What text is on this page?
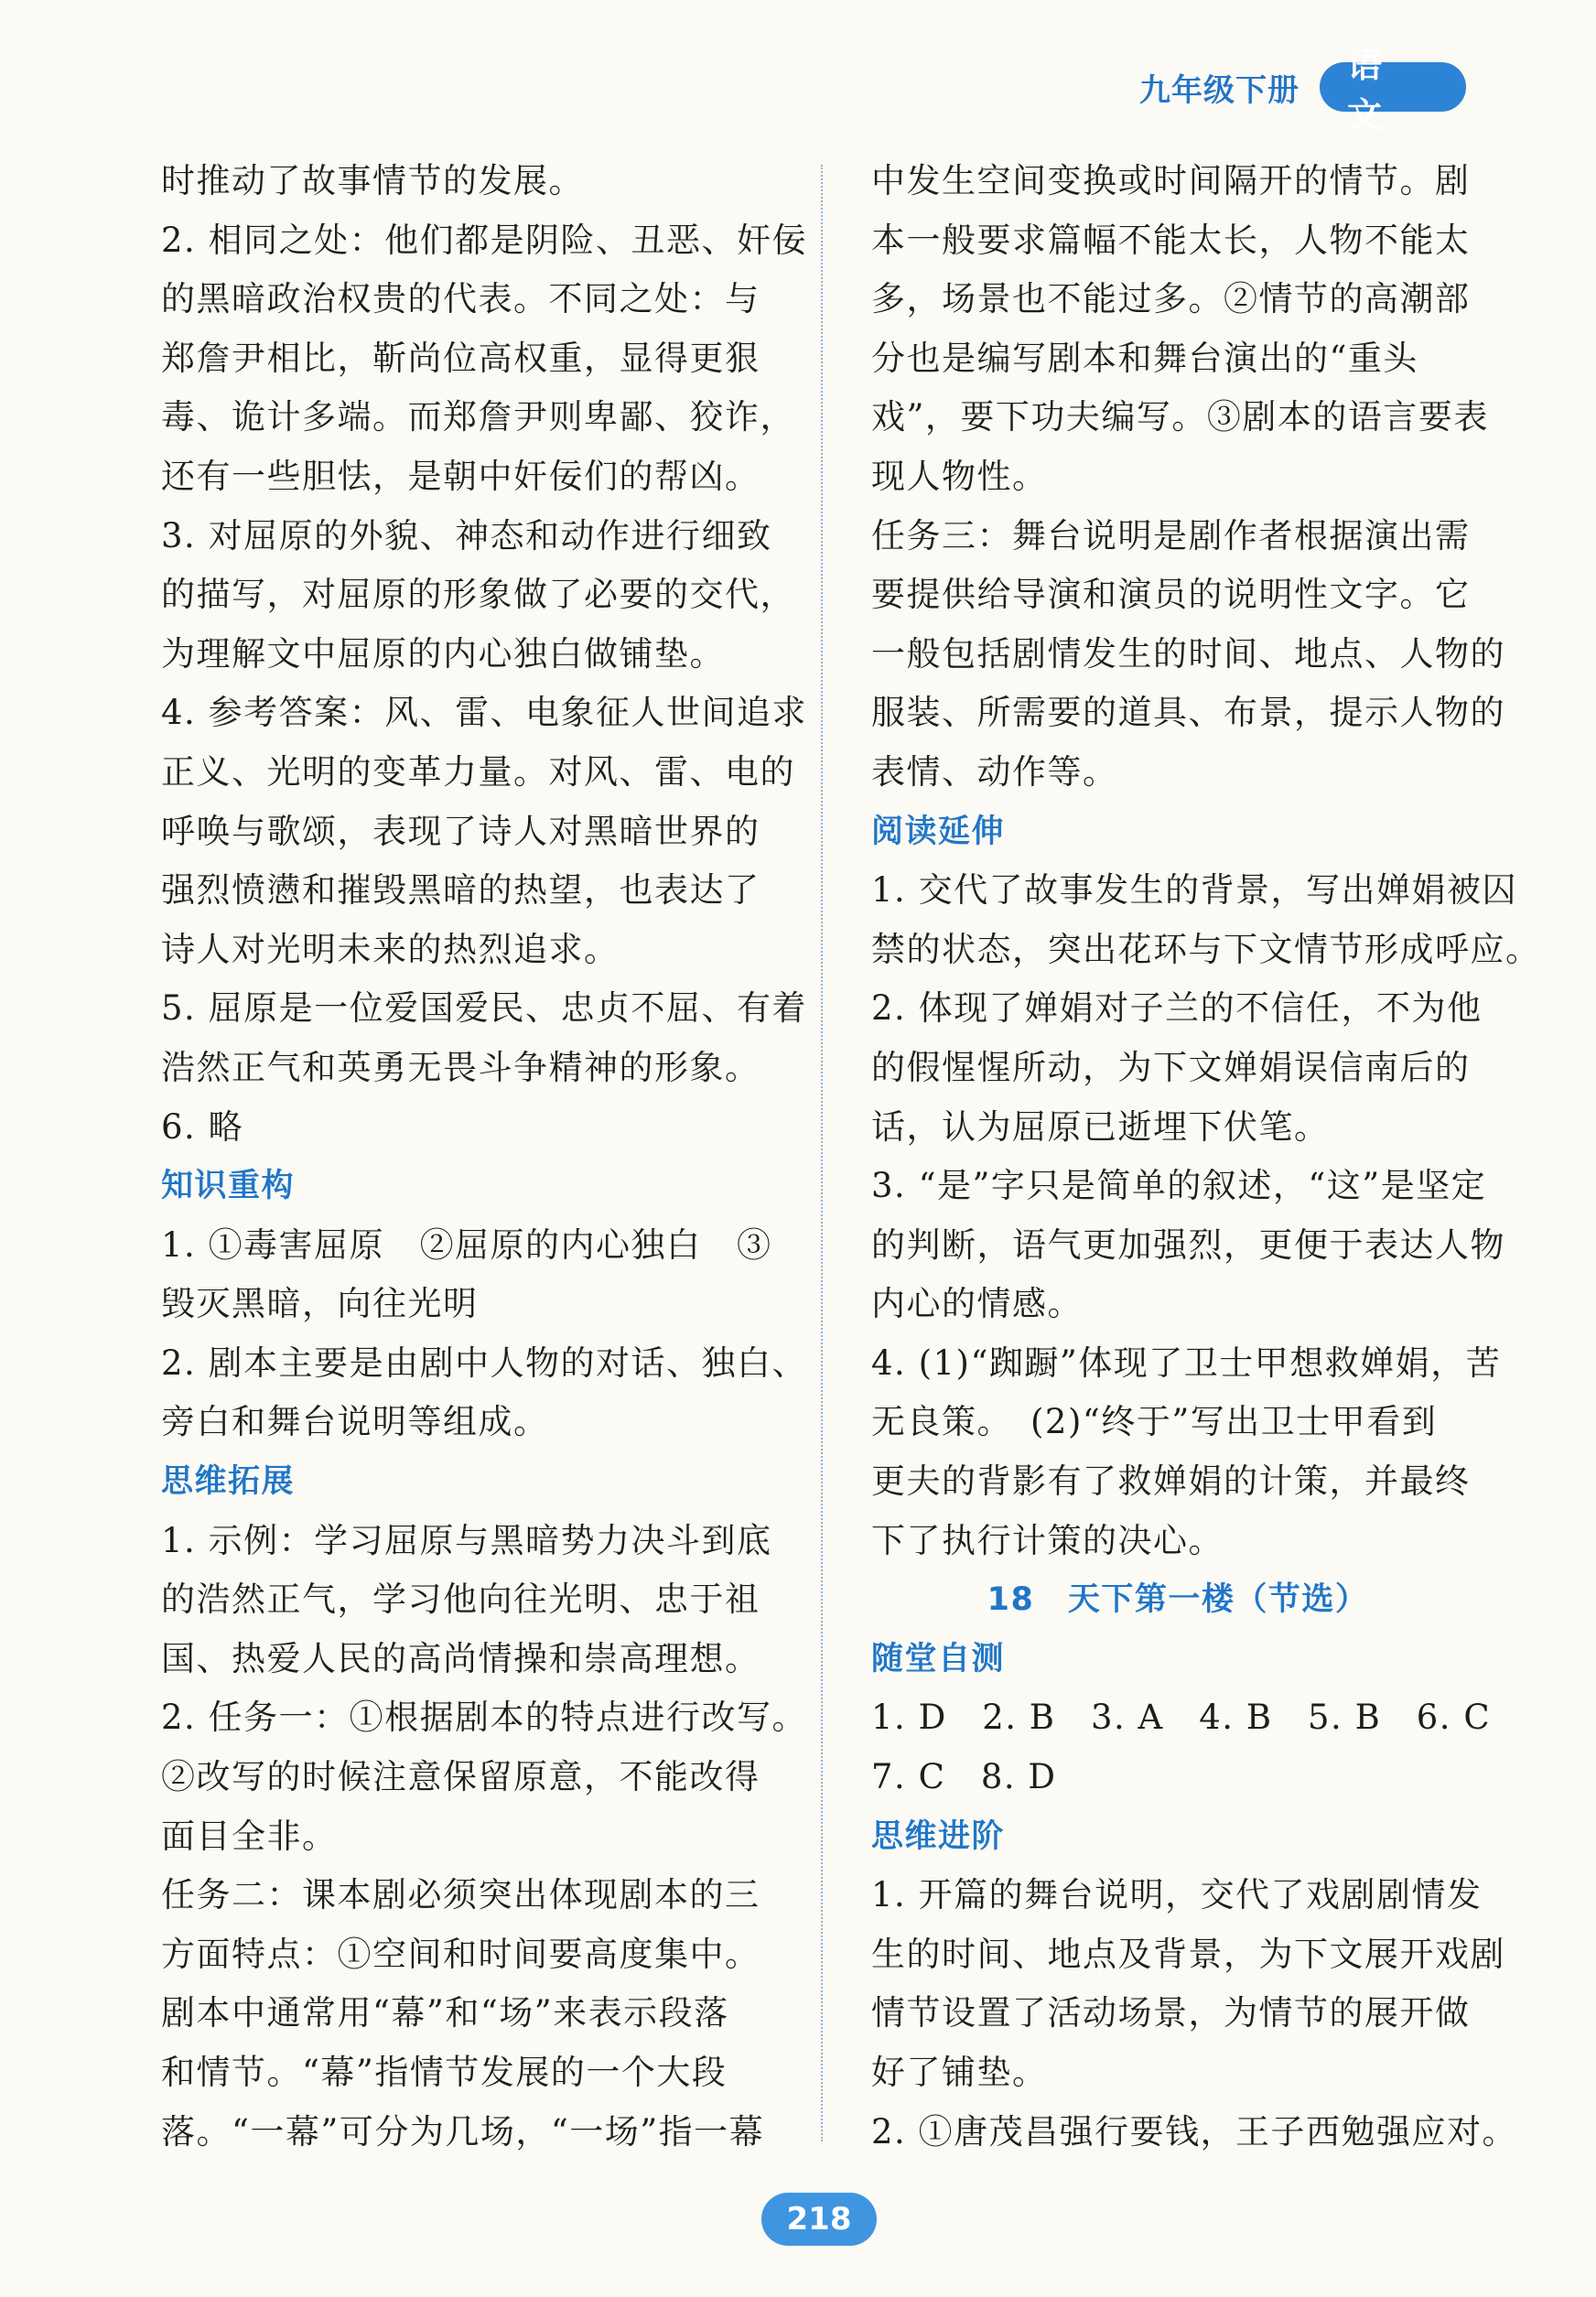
九年级下册
语文
时推动了故事情节的发展。
2. 相同之处：他们都是阴险、丑恶、奸佞
的黑暗政治权贵的代表。不同之处：与
郑詹尹相比，靳尚位高权重，显得更狠
毒、诡计多端。而郑詹尹则卑鄙、狡诈，
还有一些胆怯，是朝中奸佞们的帮凶。
3. 对屈原的外貌、神态和动作进行细致
的描写，对屈原的形象做了必要的交代，
为理解文中屈原的内心独白做铺垫。
4. 参考答案：风、雷、电象征人世间追求
正义、光明的变革力量。对风、雷、电的
呼唤与歌颂，表现了诗人对黑暗世界的
强烈愤懑和摧毁黑暗的热望，也表达了
诗人对光明未来的热烈追求。
5. 屈原是一位爱国爱民、忠贞不屈、有着
浩然正气和英勇无畏斗争精神的形象。
6. 略
知识重构
1. ①毒害屈原　②屈原的内心独白　③
毁灭黑暗，向往光明
2. 剧本主要是由剧中人物的对话、独白、
旁白和舞台说明等组成。
思维拓展
1. 示例：学习屈原与黑暗势力决斗到底
的浩然正气，学习他向往光明、忠于祖
国、热爱人民的高尚情操和崇高理想。
2. 任务一：①根据剧本的特点进行改写。
②改写的时候注意保留原意，不能改得
面目全非。
任务二：课本剧必须突出体现剧本的三
方面特点：①空间和时间要高度集中。
剧本中通常用“幕”和“场”来表示段落
和情节。“幕”指情节发展的一个大段
落。“一幕”可分为几场，“一场”指一幕
中发生空间变换或时间隔开的情节。剧
本一般要求篇幅不能太长，人物不能太
多，场景也不能过多。②情节的高潮部
分也是编写剧本和舞台演出的“重头
戏”，要下功夫编写。③剧本的语言要表
现人物性。
任务三：舞台说明是剧作者根据演出需
要提供给导演和演员的说明性文字。它
一般包括剧情发生的时间、地点、人物的
服装、所需要的道具、布景，提示人物的
表情、动作等。
阅读延伸
1. 交代了故事发生的背景，写出婵娟被囚
禁的状态，突出花环与下文情节形成呼应。
2. 体现了婵娟对子兰的不信任，不为他
的假惺惺所动，为下文婵娟误信南后的
话，认为屈原已逝埋下伏笔。
3. “是”字只是简单的叙述，“这”是坚定
的判断，语气更加强烈，更便于表达人物
内心的情感。
4. (1)“踟蹰”体现了卫士甲想救婵娟，苦
无良策。　(2)“终于”写出卫士甲看到
更夫的背影有了救婵娟的计策，并最终
下了执行计策的决心。
18　天下第一楼（节选）
随堂自测
1. D　2. B　3. A　4. B　5. B　6. C
7. C　8. D
思维进阶
1. 开篇的舞台说明，交代了戏剧剧情发
生的时间、地点及背景，为下文展开戏剧
情节设置了活动场景，为情节的展开做
好了铺垫。
2. ①唐茂昌强行要钱，王子西勉强应对。
218
